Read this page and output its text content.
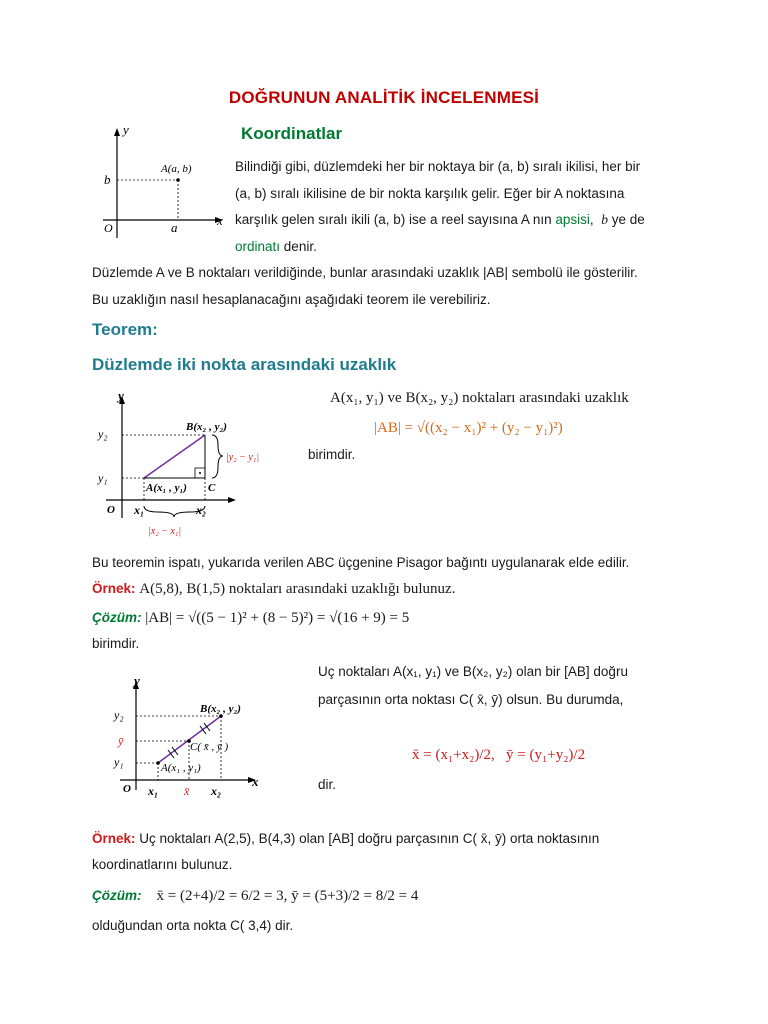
DOĞRUNUN ANALİTİK İNCELENMESİ
y
x
O	a
b
A(a, b)
Koordinatlar
Bilindiği gibi, düzlemdeki her bir noktaya bir (a, b) sıralı ikilisi, her bir
(a, b) sıralı ikilisine de bir nokta karşılık gelir. Eğer bir A noktasına
karşılık gelen sıralı ikili (a, b) ise a reel sayısına A nın apsisi,  b ye de
ordinatı denir.
Düzlemde A ve B noktaları verildiğinde, bunlar arasındaki uzaklık |AB| sembolü ile gösterilir.
Bu uzaklığın nasıl hesaplanacağını aşağıdaki teorem ile verebiliriz.
Teorem:
Düzlemde iki nokta arasındaki uzaklık
y
O
y₂
y₁
x₁	x₂
B(x₂ , y₂)
A(x₁ , y₁) C
|y₂ − y₁|
|x₂ − x₁|
A(x₁, y₁) ve B(x₂, y₂) noktaları arasındaki uzaklık
|AB| = √((x₂ − x₁)² + (y₂ − y₁)²)
birimdir.
Bu teoremin ispatı, yukarıda verilen ABC üçgenine Pisagor bağıntı uygulanarak elde edilir.
Örnek: A(5,8), B(1,5) noktaları arasındaki uzaklığı bulunuz.
Çözüm: |AB| = √((5 − 1)² + (8 − 5)²) = √(16 + 9) = 5
birimdir.
Uç noktaları A(x₁, y₁) ve B(x₂, y₂) olan bir [AB] doğru
parçasının orta noktası C( x̄, ȳ) olsun. Bu durumda,
x̄ = (x₁+x₂)/2, ȳ = (y₁+y₂)/2
dir.
y
x
O
y₂
ȳ
y₁
x₁ x̄ x₂
B(x₂ , y₂)
C( x̄ , ȳ )
A(x₁ , y₁)
Örnek: Uç noktaları A(2,5), B(4,3) olan [AB] doğru parçasının C( x̄, ȳ) orta noktasının
koordinatlarını bulunuz.
Çözüm: x̄ = (2+4)/2 = 6/2 = 3, ȳ = (5+3)/2 = 8/2 = 4
olduğundan orta nokta C( 3,4) dir.
